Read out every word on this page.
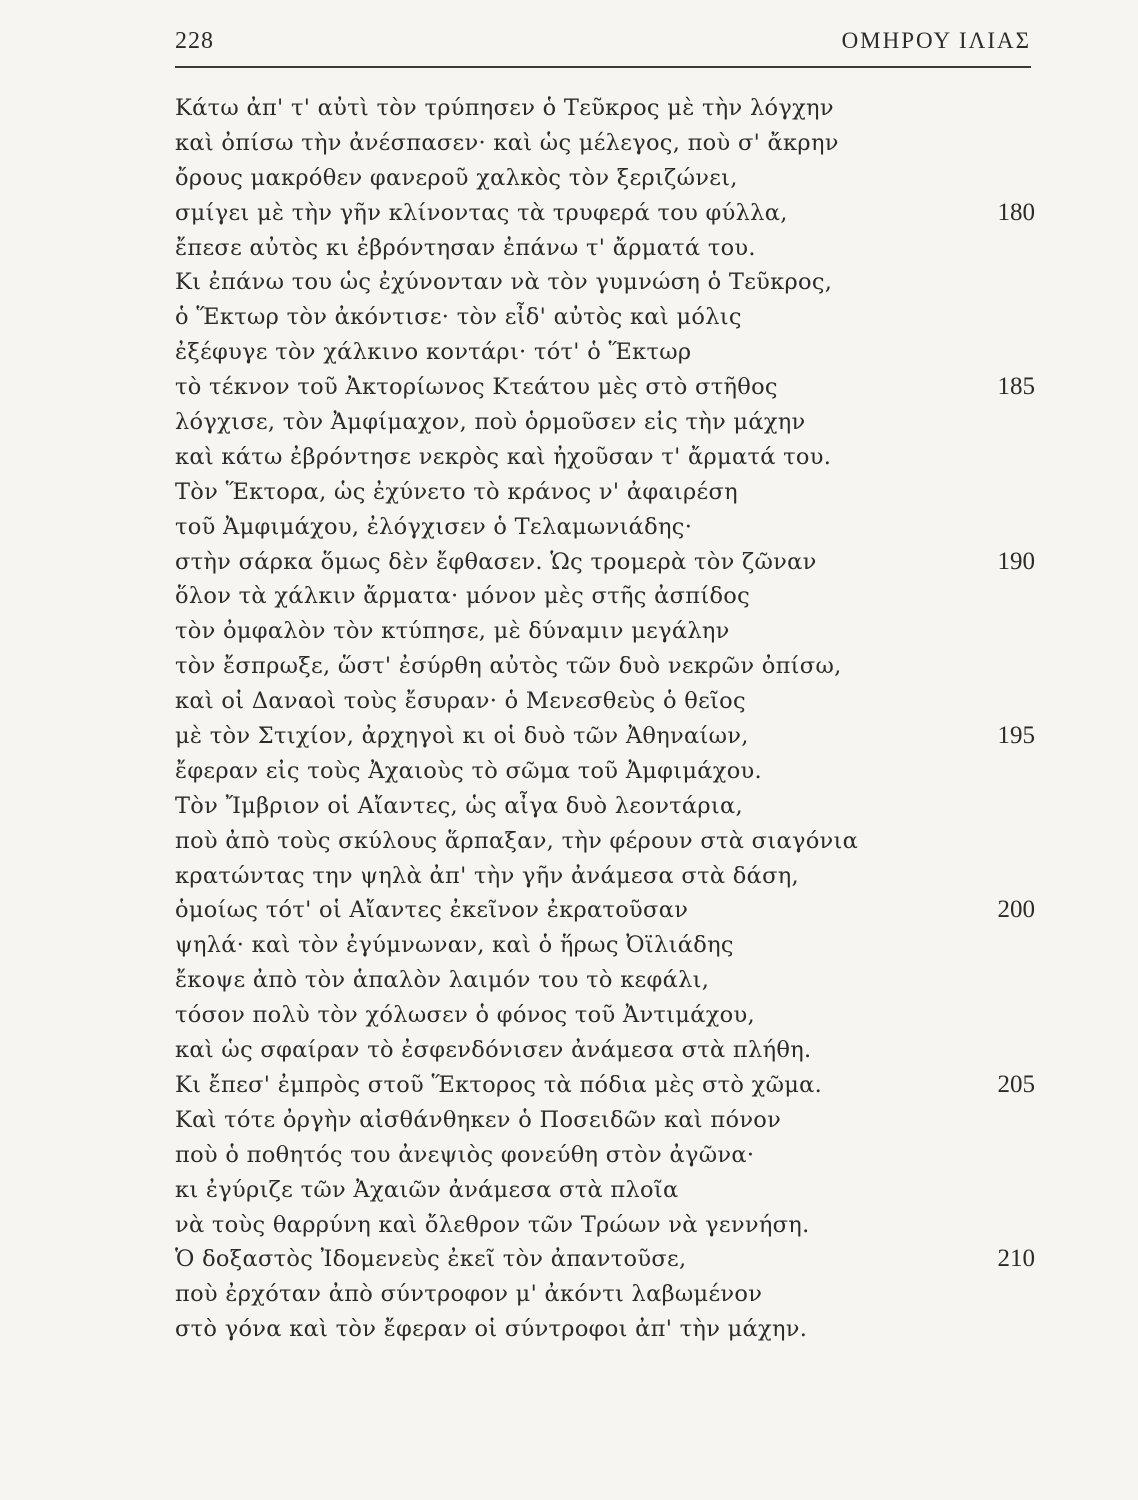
228	ΟΜΗΡΟΥ ΙΛΙΑΣ
Κάτω ἀπ' τ' αὐτὶ τὸν τρύπησεν ὁ Τεῦκρος μὲ τὴν λόγχην
καὶ ὀπίσω τὴν ἀνέσπασεν· καὶ ὡς μέλεγος, ποὺ σ' ἄκρην
ὄρους μακρόθεν φανεροῦ χαλκὸς τὸν ξεριζώνει,
σμίγει μὲ τὴν γῆν κλίνοντας τὰ τρυφερά του φύλλα,	180
ἔπεσε αὐτὸς κι ἐβρόντησαν ἐπάνω τ' ἄρματά του.
Κι ἐπάνω του ὡς ἐχύνονταν νὰ τὸν γυμνώση ὁ Τεῦκρος,
ὁ Ἕκτωρ τὸν ἀκόντισε· τὸν εἶδ' αὐτὸς καὶ μόλις
ἐξέφυγε τὸν χάλκινο κοντάρι· τότ' ὁ Ἕκτωρ
τὸ τέκνον τοῦ Ἀκτορίωνος Κτεάτου μὲς στὸ στῆθος	185
λόγχισε, τὸν Ἀμφίμαχον, ποὺ ὁρμοῦσεν εἰς τὴν μάχην
καὶ κάτω ἐβρόντησε νεκρὸς καὶ ἠχοῦσαν τ' ἄρματά του.
Τὸν Ἕκτορα, ὡς ἐχύνετο τὸ κράνος ν' ἀφαιρέση
τοῦ Ἀμφιμάχου, ἐλόγχισεν ὁ Τελαμωνιάδης·
στὴν σάρκα ὅμως δὲν ἔφθασεν. Ὡς τρομερὰ τὸν ζῶναν	190
ὅλον τὰ χάλκιν ἄρματα· μόνον μὲς στῆς ἀσπίδος
τὸν ὀμφαλὸν τὸν κτύπησε, μὲ δύναμιν μεγάλην
τὸν ἔσπρωξε, ὥστ' ἐσύρθη αὐτὸς τῶν δυὸ νεκρῶν ὀπίσω,
καὶ οἱ Δαναοὶ τοὺς ἔσυραν· ὁ Μενεσθεὺς ὁ θεῖος
μὲ τὸν Στιχίον, ἀρχηγοὶ κι οἱ δυὸ τῶν Ἀθηναίων,	195
ἔφεραν εἰς τοὺς Ἀχαιοὺς τὸ σῶμα τοῦ Ἀμφιμάχου.
Τὸν Ἴμβριον οἱ Αἴαντες, ὡς αἶγα δυὸ λεοντάρια,
ποὺ ἀπὸ τοὺς σκύλους ἅρπαξαν, τὴν φέρουν στὰ σιαγόνια
κρατώντας την ψηλὰ ἀπ' τὴν γῆν ἀνάμεσα στὰ δάση,
ὁμοίως τότ' οἱ Αἴαντες ἐκεῖνον ἐκρατοῦσαν	200
ψηλά· καὶ τὸν ἐγύμνωναν, καὶ ὁ ἥρως Ὀϊλιάδης
ἔκοψε ἀπὸ τὸν ἁπαλὸν λαιμόν του τὸ κεφάλι,
τόσον πολὺ τὸν χόλωσεν ὁ φόνος τοῦ Ἀντιμάχου,
καὶ ὡς σφαίραν τὸ ἐσφενδόνισεν ἀνάμεσα στὰ πλήθη.
Κι ἔπεσ' ἐμπρὸς στοῦ Ἕκτορος τὰ πόδια μὲς στὸ χῶμα.	205
Καὶ τότε ὀργὴν αἰσθάνθηκεν ὁ Ποσειδῶν καὶ πόνον
ποὺ ὁ ποθητός του ἀνεψιὸς φονεύθη στὸν ἀγῶνα·
κι ἐγύριζε τῶν Ἀχαιῶν ἀνάμεσα στὰ πλοῖα
νὰ τοὺς θαρρύνη καὶ ὄλεθρον τῶν Τρώων νὰ γεννήση.
Ὁ δοξαστὸς Ἰδομενεὺς ἐκεῖ τὸν ἀπαντοῦσε,	210
ποὺ ἐρχόταν ἀπὸ σύντροφον μ' ἀκόντι λαβωμένον
στὸ γόνα καὶ τὸν ἔφεραν οἱ σύντροφοι ἀπ' τὴν μάχην.
